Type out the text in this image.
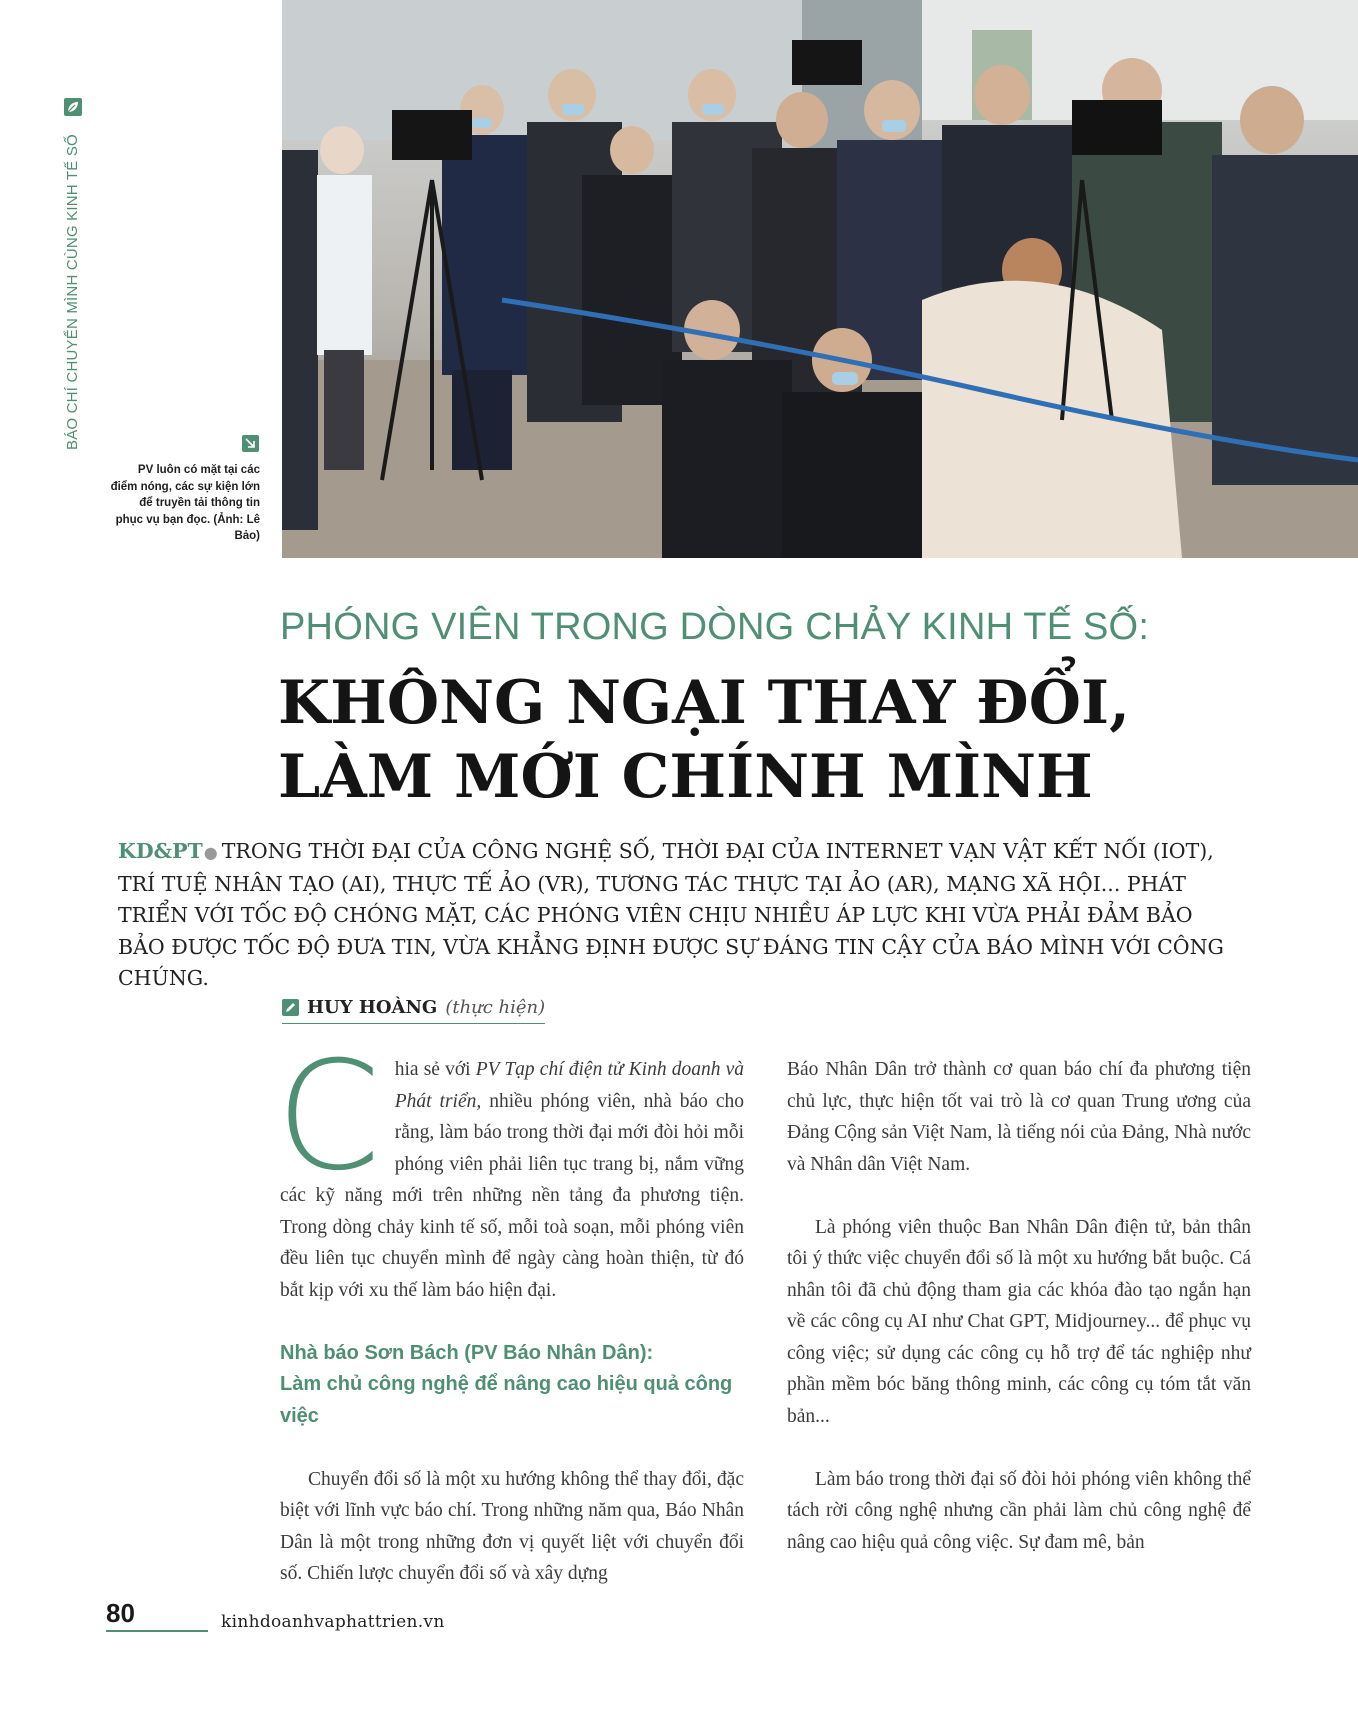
BÁO CHÍ CHUYỂN MÌNH CÙNG KINH TẾ SỐ
PV luôn có mặt tại các điểm nóng, các sự kiện lớn để truyền tải thông tin phục vụ bạn đọc. (Ảnh: Lê Bảo)
PHÓNG VIÊN TRONG DÒNG CHẢY KINH TẾ SỐ:
KHÔNG NGẠI THAY ĐỔI,
LÀM MỚI CHÍNH MÌNH
KD&PT● TRONG THỜI ĐẠI CỦA CÔNG NGHỆ SỐ, THỜI ĐẠI CỦA INTERNET VẠN VẬT KẾT NỐI (IOT), TRÍ TUỆ NHÂN TẠO (AI), THỰC TẾ ẢO (VR), TƯƠNG TÁC THỰC TẠI ẢO (AR), MẠNG XÃ HỘI... PHÁT TRIỂN VỚI TỐC ĐỘ CHÓNG MẶT, CÁC PHÓNG VIÊN CHỊU NHIỀU ÁP LỰC KHI VỪA PHẢI ĐẢM BẢO BẢO ĐƯỢC TỐC ĐỘ ĐƯA TIN, VỪA KHẲNG ĐỊNH ĐƯỢC SỰ ĐÁNG TIN CẬY CỦA BÁO MÌNH VỚI CÔNG CHÚNG.
HUY HOÀNG (thực hiện)

Chia sẻ với PV Tạp chí điện tử Kinh doanh và Phát triển, nhiều phóng viên, nhà báo cho rằng, làm báo trong thời đại mới đòi hỏi mỗi phóng viên phải liên tục trang bị, nắm vững các kỹ năng mới trên những nền tảng đa phương tiện. Trong dòng chảy kinh tế số, mỗi toà soạn, mỗi phóng viên đều liên tục chuyển mình để ngày càng hoàn thiện, từ đó bắt kịp với xu thế làm báo hiện đại.

Nhà báo Sơn Bách (PV Báo Nhân Dân):
Làm chủ công nghệ để nâng cao hiệu quả công việc

Chuyển đổi số là một xu hướng không thể thay đổi, đặc biệt với lĩnh vực báo chí. Trong những năm qua, Báo Nhân Dân là một trong những đơn vị quyết liệt với chuyển đổi số. Chiến lược chuyển đổi số và xây dựng

Báo Nhân Dân trở thành cơ quan báo chí đa phương tiện chủ lực, thực hiện tốt vai trò là cơ quan Trung ương của Đảng Cộng sản Việt Nam, là tiếng nói của Đảng, Nhà nước và Nhân dân Việt Nam.

Là phóng viên thuộc Ban Nhân Dân điện tử, bản thân tôi ý thức việc chuyển đổi số là một xu hướng bắt buộc. Cá nhân tôi đã chủ động tham gia các khóa đào tạo ngắn hạn về các công cụ AI như Chat GPT, Midjourney... để phục vụ công việc; sử dụng các công cụ hỗ trợ để tác nghiệp như phần mềm bóc băng thông minh, các công cụ tóm tắt văn bản...

Làm báo trong thời đại số đòi hỏi phóng viên không thể tách rời công nghệ nhưng cần phải làm chủ công nghệ để nâng cao hiệu quả công việc. Sự đam mê, bản

80	kinhdoanhvaphattrien.vn
